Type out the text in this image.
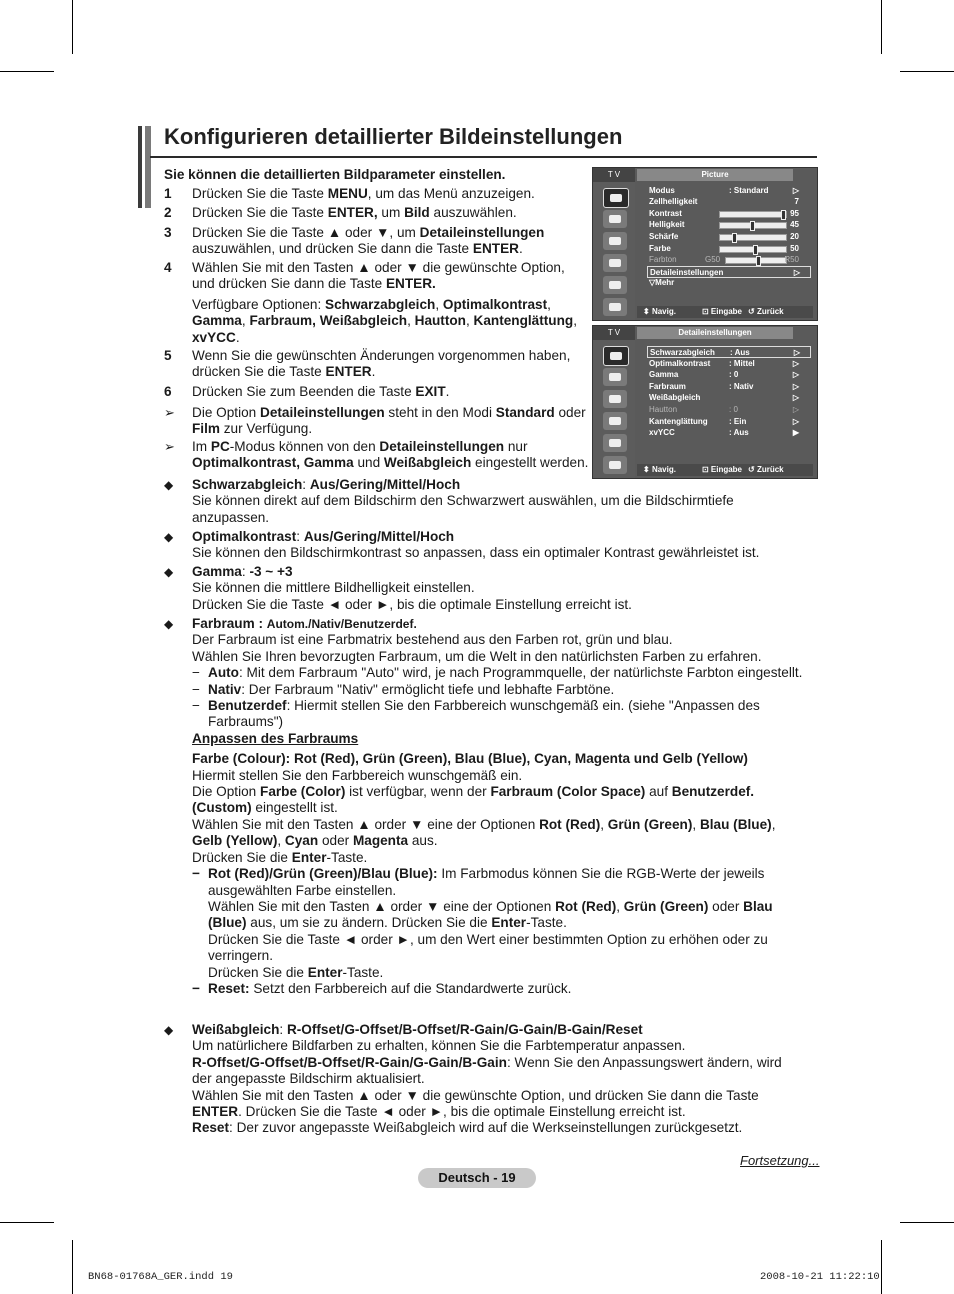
Konfigurieren detaillierter Bildeinstellungen
Sie können die detaillierten Bildparameter einstellen.
1	Drücken Sie die Taste MENU, um das Menü anzuzeigen.
2	Drücken Sie die Taste ENTER, um Bild auszuwählen.
3	Drücken Sie die Taste ▲ oder ▼, um Detaileinstellungen auszuwählen, und drücken Sie dann die Taste ENTER.
4	Wählen Sie mit den Tasten ▲ oder ▼ die gewünschte Option, und drücken Sie dann die Taste ENTER.
Verfügbare Optionen: Schwarzabgleich, Optimalkontrast, Gamma, Farbraum, Weißabgleich, Hautton, Kantenglättung, xvYCC.
5	Wenn Sie die gewünschten Änderungen vorgenommen haben, drücken Sie die Taste ENTER.
6	Drücken Sie zum Beenden die Taste EXIT.
➢	Die Option Detaileinstellungen steht in den Modi Standard oder Film zur Verfügung.
➢	Im PC-Modus können von den Detaileinstellungen nur Optimalkontrast, Gamma und Weißabgleich eingestellt werden.
T V	Picture
Modus	: Standard	▷
Zellhelligkeit	7
Kontrast	95
Helligkeit	45
Schärfe	20
Farbe	50
Farbton	G50	R50
Detaileinstellungen	▷
▽Mehr
⬍ Navig.	⊡ Eingabe ↺ Zurück
T V	Detaileinstellungen
Schwarzabgleich : Aus	▷
Optimalkontrast : Mittel	▷
Gamma	: 0	▷
Farbraum	: Nativ	▷
Weißabgleich	▷
Hautton	: 0	▷
Kantenglättung	: Ein	▷
xvYCC	: Aus	▶
⬍ Navig.	⊡ Eingabe ↺ Zurück
◆ Schwarzabgleich: Aus/Gering/Mittel/Hoch
Sie können direkt auf dem Bildschirm den Schwarzwert auswählen, um die Bildschirmtiefe anzupassen.
◆ Optimalkontrast: Aus/Gering/Mittel/Hoch
Sie können den Bildschirmkontrast so anpassen, dass ein optimaler Kontrast gewährleistet ist.
◆ Gamma: -3 ~ +3
Sie können die mittlere Bildhelligkeit einstellen.
Drücken Sie die Taste ◄ oder ►, bis die optimale Einstellung erreicht ist.
◆ Farbraum : Autom./Nativ/Benutzerdef.
Der Farbraum ist eine Farbmatrix bestehend aus den Farben rot, grün und blau.
Wählen Sie Ihren bevorzugten Farbraum, um die Welt in den natürlichsten Farben zu erfahren.
− Auto: Mit dem Farbraum "Auto" wird, je nach Programmquelle, der natürlichste Farbton eingestellt.
− Nativ: Der Farbraum "Nativ" ermöglicht tiefe und lebhafte Farbtöne.
− Benutzerdef: Hiermit stellen Sie den Farbbereich wunschgemäß ein. (siehe "Anpassen des Farbraums")
Anpassen des Farbraums
Farbe (Colour): Rot (Red), Grün (Green), Blau (Blue), Cyan, Magenta und Gelb (Yellow)
Hiermit stellen Sie den Farbbereich wunschgemäß ein.
Die Option Farbe (Color) ist verfügbar, wenn der Farbraum (Color Space) auf Benutzerdef. (Custom) eingestellt ist.
Wählen Sie mit den Tasten ▲ order ▼ eine der Optionen Rot (Red), Grün (Green), Blau (Blue), Gelb (Yellow), Cyan oder Magenta aus.
Drücken Sie die Enter-Taste.
− Rot (Red)/Grün (Green)/Blau (Blue): Im Farbmodus können Sie die RGB-Werte der jeweils ausgewählten Farbe einstellen.
Wählen Sie mit den Tasten ▲ order ▼ eine der Optionen Rot (Red), Grün (Green) oder Blau (Blue) aus, um sie zu ändern. Drücken Sie die Enter-Taste.
Drücken Sie die Taste ◄ order ►, um den Wert einer bestimmten Option zu erhöhen oder zu verringern.
Drücken Sie die Enter-Taste.
− Reset: Setzt den Farbbereich auf die Standardwerte zurück.
◆ Weißabgleich: R-Offset/G-Offset/B-Offset/R-Gain/G-Gain/B-Gain/Reset
Um natürlichere Bildfarben zu erhalten, können Sie die Farbtemperatur anpassen.
R-Offset/G-Offset/B-Offset/R-Gain/G-Gain/B-Gain: Wenn Sie den Anpassungswert ändern, wird der angepasste Bildschirm aktualisiert.
Wählen Sie mit den Tasten ▲ oder ▼ die gewünschte Option, und drücken Sie dann die Taste ENTER. Drücken Sie die Taste ◄ oder ►, bis die optimale Einstellung erreicht ist.
Reset: Der zuvor angepasste Weißabgleich wird auf die Werkseinstellungen zurückgesetzt.
Fortsetzung...
Deutsch - 19
BN68-01768A_GER.indd 19	2008-10-21 11:22:10
